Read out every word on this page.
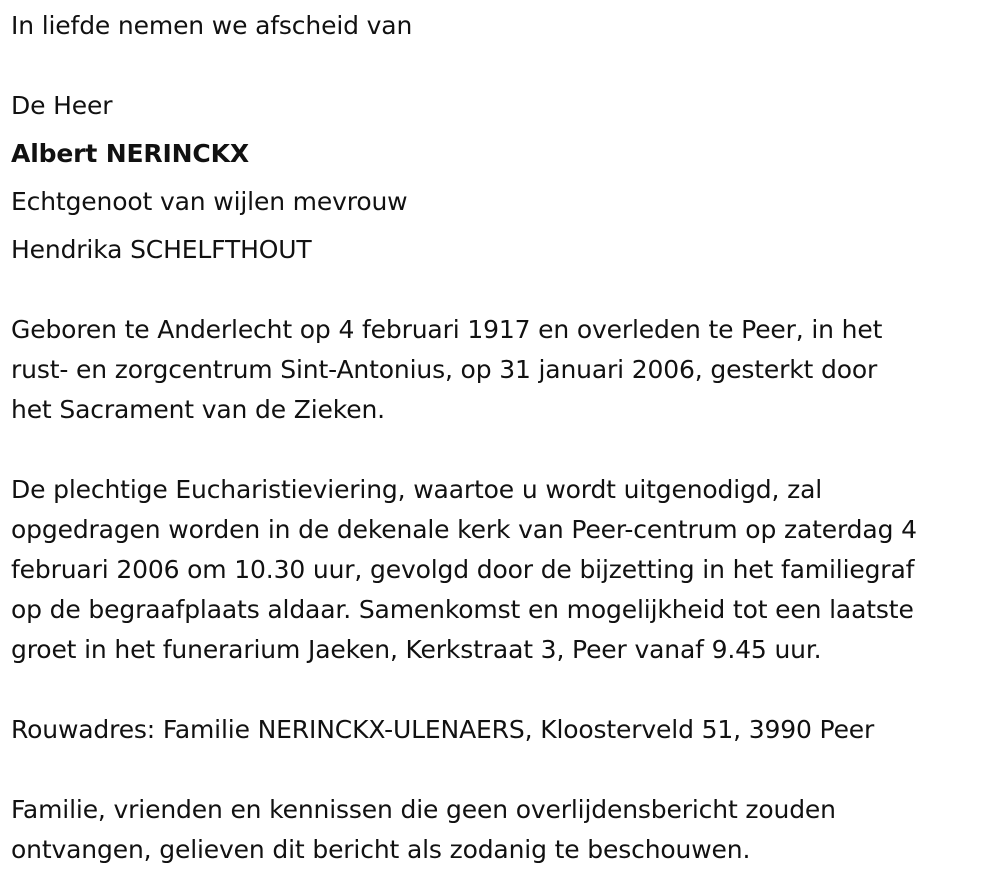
In liefde nemen we afscheid van
De Heer
Albert NERINCKX
Echtgenoot van wijlen mevrouw
Hendrika SCHELFTHOUT
Geboren te Anderlecht op 4 februari 1917 en overleden te Peer, in het
rust- en zorgcentrum Sint-Antonius, op 31 januari 2006, gesterkt door
het Sacrament van de Zieken.
De plechtige Eucharistieviering, waartoe u wordt uitgenodigd, zal
opgedragen worden in de dekenale kerk van Peer-centrum op zaterdag 4
februari 2006 om 10.30 uur, gevolgd door de bijzetting in het familiegraf
op de begraafplaats aldaar. Samenkomst en mogelijkheid tot een laatste
groet in het funerarium Jaeken, Kerkstraat 3, Peer vanaf 9.45 uur.
Rouwadres: Familie NERINCKX-ULENAERS, Kloosterveld 51, 3990 Peer
Familie, vrienden en kennissen die geen overlijdensbericht zouden
ontvangen, gelieven dit bericht als zodanig te beschouwen.
